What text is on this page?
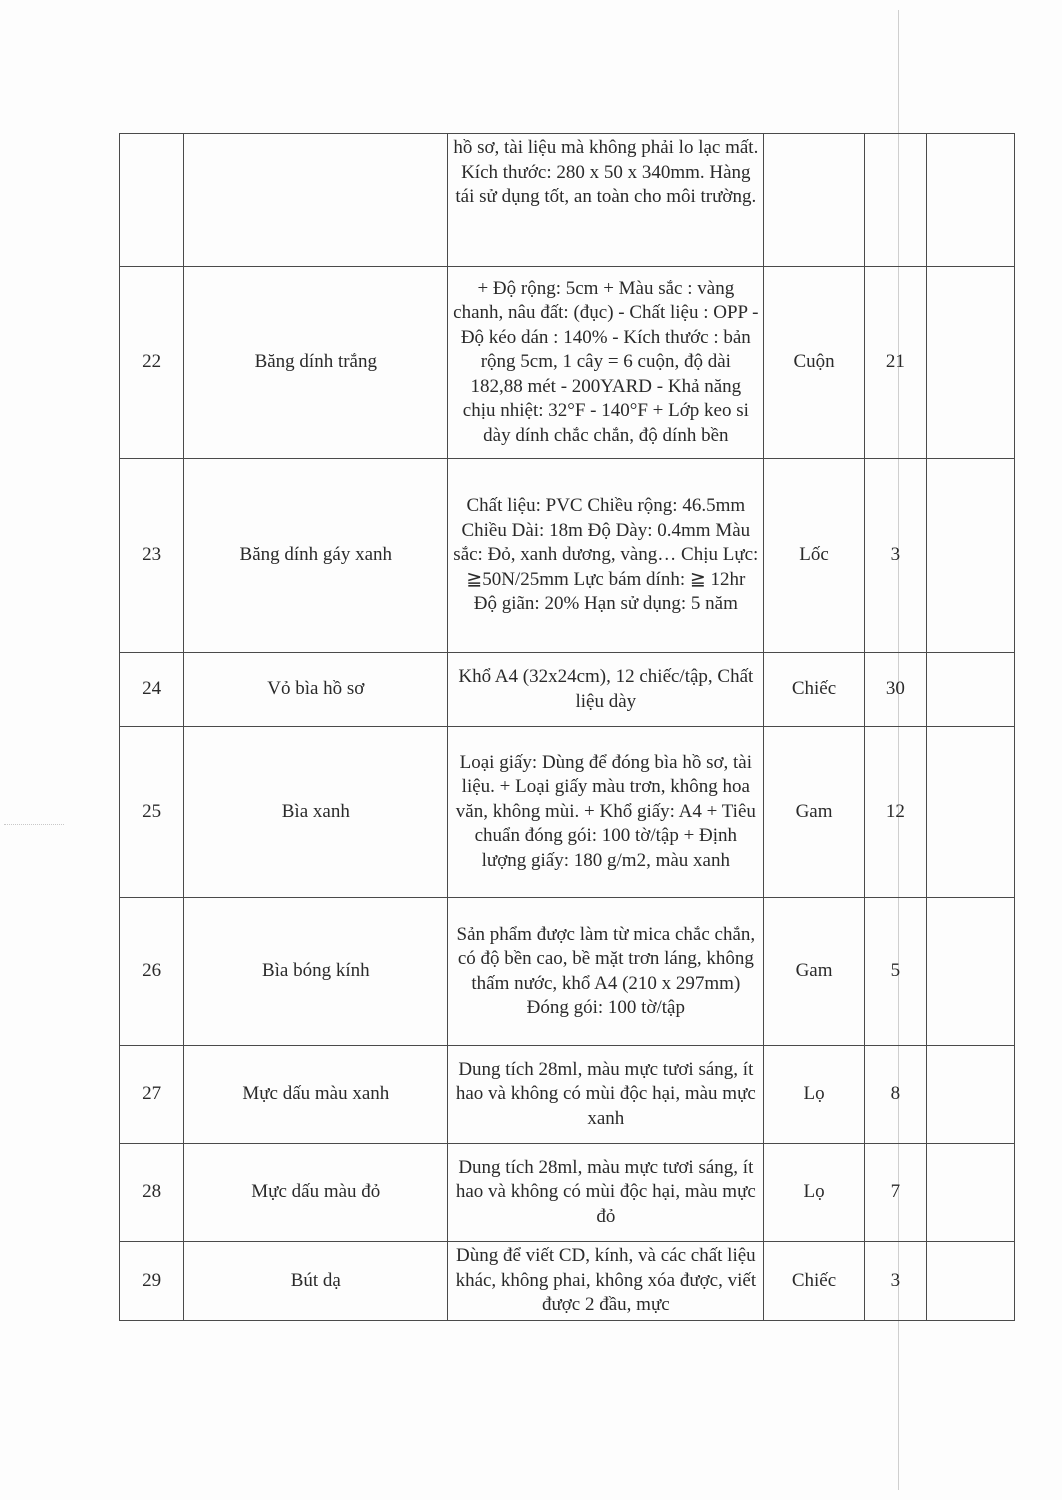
		hồ sơ, tài liệu mà không phải lo lạc mất. Kích thước: 280 x 50 x 340mm. Hàng tái sử dụng tốt, an toàn cho môi trường.			
22	Băng dính trắng	+ Độ rộng: 5cm + Màu sắc : vàng chanh, nâu đất: (đục) - Chất liệu : OPP - Độ kéo dán : 140% - Kích thước : bản rộng 5cm, 1 cây = 6 cuộn, độ dài 182,88 mét - 200YARD - Khả năng chịu nhiệt: 32°F - 140°F + Lớp keo si dày dính chắc chắn, độ dính bền	Cuộn	21	
23	Băng dính gáy xanh	Chất liệu: PVC Chiều rộng: 46.5mm Chiều Dài: 18m Độ Dày: 0.4mm Màu sắc: Đỏ, xanh dương, vàng… Chịu Lực: ≧50N/25mm Lực bám dính: ≧ 12hr Độ giãn: 20% Hạn sử dụng: 5 năm	Lốc	3	
24	Vỏ bìa hồ sơ	Khổ A4 (32x24cm), 12 chiếc/tập, Chất liệu dày	Chiếc	30	
25	Bìa xanh	Loại giấy: Dùng để đóng bìa hồ sơ, tài liệu. + Loại giấy màu trơn, không hoa văn, không mùi. + Khổ giấy: A4 + Tiêu chuẩn đóng gói: 100 tờ/tập + Định lượng giấy: 180 g/m2, màu xanh	Gam	12	
26	Bìa bóng kính	Sản phẩm được làm từ mica chắc chắn, có độ bền cao, bề mặt trơn láng, không thấm nước, khổ A4 (210 x 297mm) Đóng gói: 100 tờ/tập	Gam	5	
27	Mực dấu màu xanh	Dung tích 28ml, màu mực tươi sáng, ít hao và không có mùi độc hại, màu mực xanh	Lọ	8	
28	Mực dấu màu đỏ	Dung tích 28ml, màu mực tươi sáng, ít hao và không có mùi độc hại, màu mực đỏ	Lọ	7	
29	Bút dạ	Dùng để viết CD, kính, và các chất liệu khác, không phai, không xóa được, viết được 2 đầu, mực	Chiếc	3	
